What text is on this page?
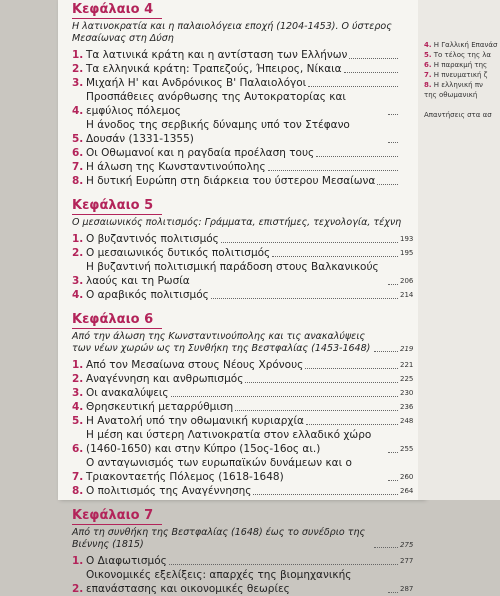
Κεφάλαιο 4
Η λατινοκρατία και η παλαιολόγεια εποχή (1204-1453). Ο ύστερος Μεσαίωνας στη Δύση
1. Τα λατινικά κράτη και η αντίσταση των Ελλήνων
2. Τα ελληνικά κράτη: Τραπεζούς, Ήπειρος, Νίκαια
3. Μιχαήλ Η' και Ανδρόνικος Β' Παλαιολόγοι
4.
Προσπάθειες ανόρθωσης της Αυτοκρατορίας και εμφύλιος πόλεμος
5.
Η άνοδος της σερβικής δύναμης υπό τον Στέφανο Δουσάν (1331-1355)
6. Οι Οθωμανοί και η ραγδαία προέλαση τους
7. Η άλωση της Κωνσταντινούπολης
8. Η δυτική Ευρώπη στη διάρκεια του ύστερου Μεσαίωνα
Κεφάλαιο 5
Ο μεσαιωνικός πολιτισμός: Γράμματα, επιστήμες, τεχνολογία, τέχνη
1. Ο βυζαντινός πολιτισμός	193
2. Ο μεσαιωνικός δυτικός πολιτισμός	195
3.
Η βυζαντινή πολιτισμική παράδοση στους Βαλκανικούς λαούς και τη Ρωσία	206
4. Ο αραβικός πολιτισμός	214
Κεφάλαιο 6
Από την άλωση της Κωνσταντινούπολης και τις ανακαλύψεις των νέων χωρών ως τη Συνθήκη της Βεστφαλίας (1453-1648)	219
1. Από τον Μεσαίωνα στους Νέους Χρόνους	221
2. Αναγέννηση και ανθρωπισμός	225
3. Οι ανακαλύψεις	230
4. Θρησκευτική μεταρρύθμιση	236
5. Η Ανατολή υπό την οθωμανική κυριαρχία	248
6.
Η μέση και ύστερη Λατινοκρατία στον ελλαδικό χώρο (1460-1650) και στην Κύπρο (15ος-16ος αι.)	255
7.
Ο ανταγωνισμός των ευρωπαϊκών δυνάμεων και ο Τριακονταετής Πόλεμος (1618-1648)	260
8. Ο πολιτισμός της Αναγέννησης	264
Κεφάλαιο 7
Από τη συνθήκη της Βεστφαλίας (1648) έως το συνέδριο της Βιέννης (1815)	275
1. Ο Διαφωτισμός	277
2.
Οικονομικές εξελίξεις: απαρχές της βιομηχανικής επανάστασης και οικονομικές θεωρίες	287
4. Η Γαλλική Επανάσ
5. Το τέλος της λα
6. Η παρακμή της
7. Η πνευματική ζ
8. Η ελληνική πν
της οθωμανική
Απαντήσεις στα ασ
